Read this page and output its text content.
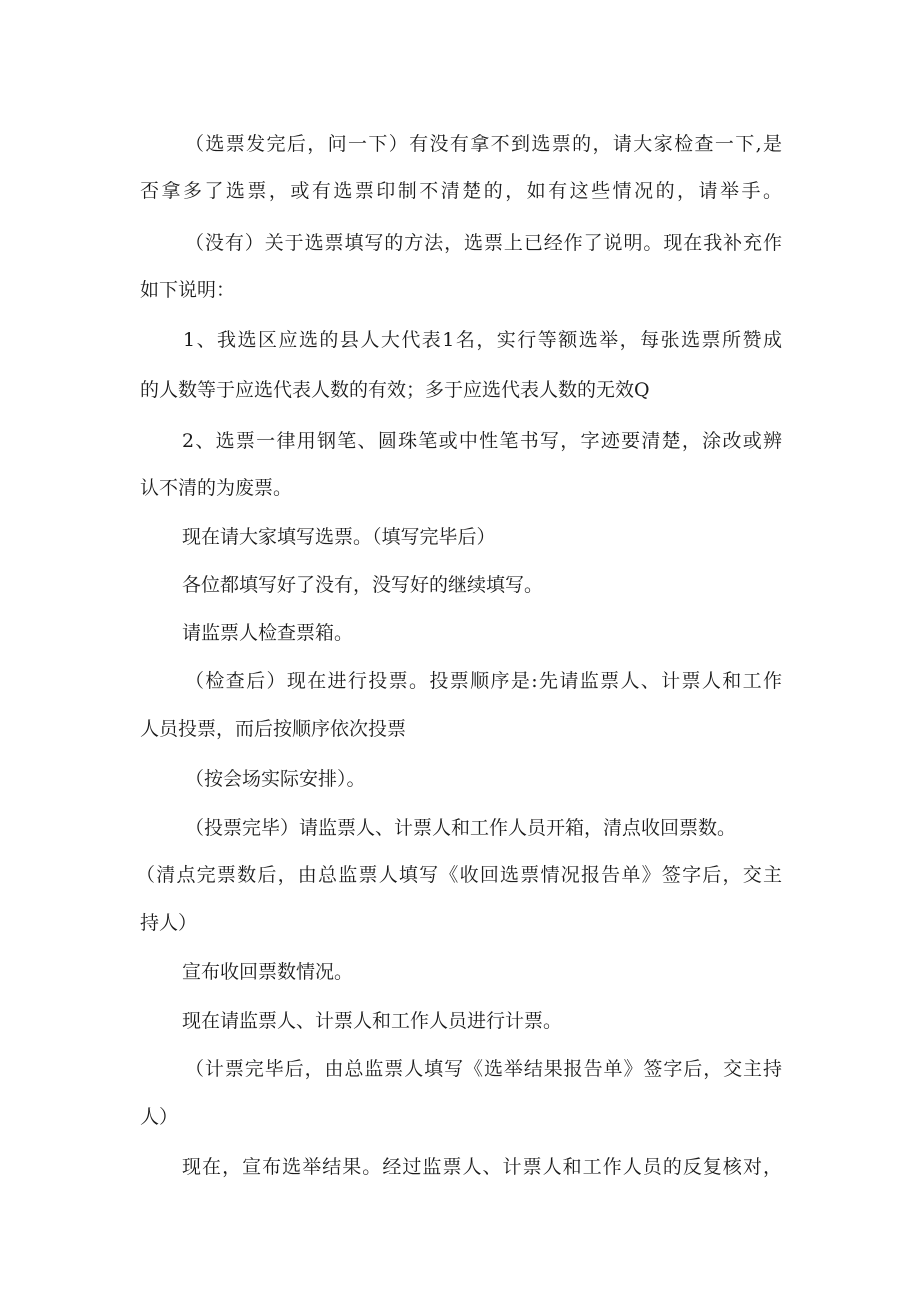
（选票发完后，问一下）有没有拿不到选票的，请大家检查一下,是

否拿多了选票，或有选票印制不清楚的，如有这些情况的，请举手。

（没有）关于选票填写的方法，选票上已经作了说明。现在我补充作

如下说明：

1、我选区应选的县人大代表1名，实行等额选举，每张选票所赞成

的人数等于应选代表人数的有效；多于应选代表人数的无效Q

2、选票一律用钢笔、圆珠笔或中性笔书写，字迹要清楚，涂改或辨

认不清的为废票。

现在请大家填写选票。（填写完毕后）

各位都填写好了没有，没写好的继续填写。

请监票人检查票箱。

（检查后）现在进行投票。投票顺序是:先请监票人、计票人和工作

人员投票，而后按顺序依次投票

（按会场实际安排）。

（投票完毕）请监票人、计票人和工作人员开箱，清点收回票数。

（清点完票数后，由总监票人填写《收回选票情况报告单》签字后，交主

持人）

宣布收回票数情况。

现在请监票人、计票人和工作人员进行计票。

（计票完毕后，由总监票人填写《选举结果报告单》签字后，交主持

人）

现在，宣布选举结果。经过监票人、计票人和工作人员的反复核对，
